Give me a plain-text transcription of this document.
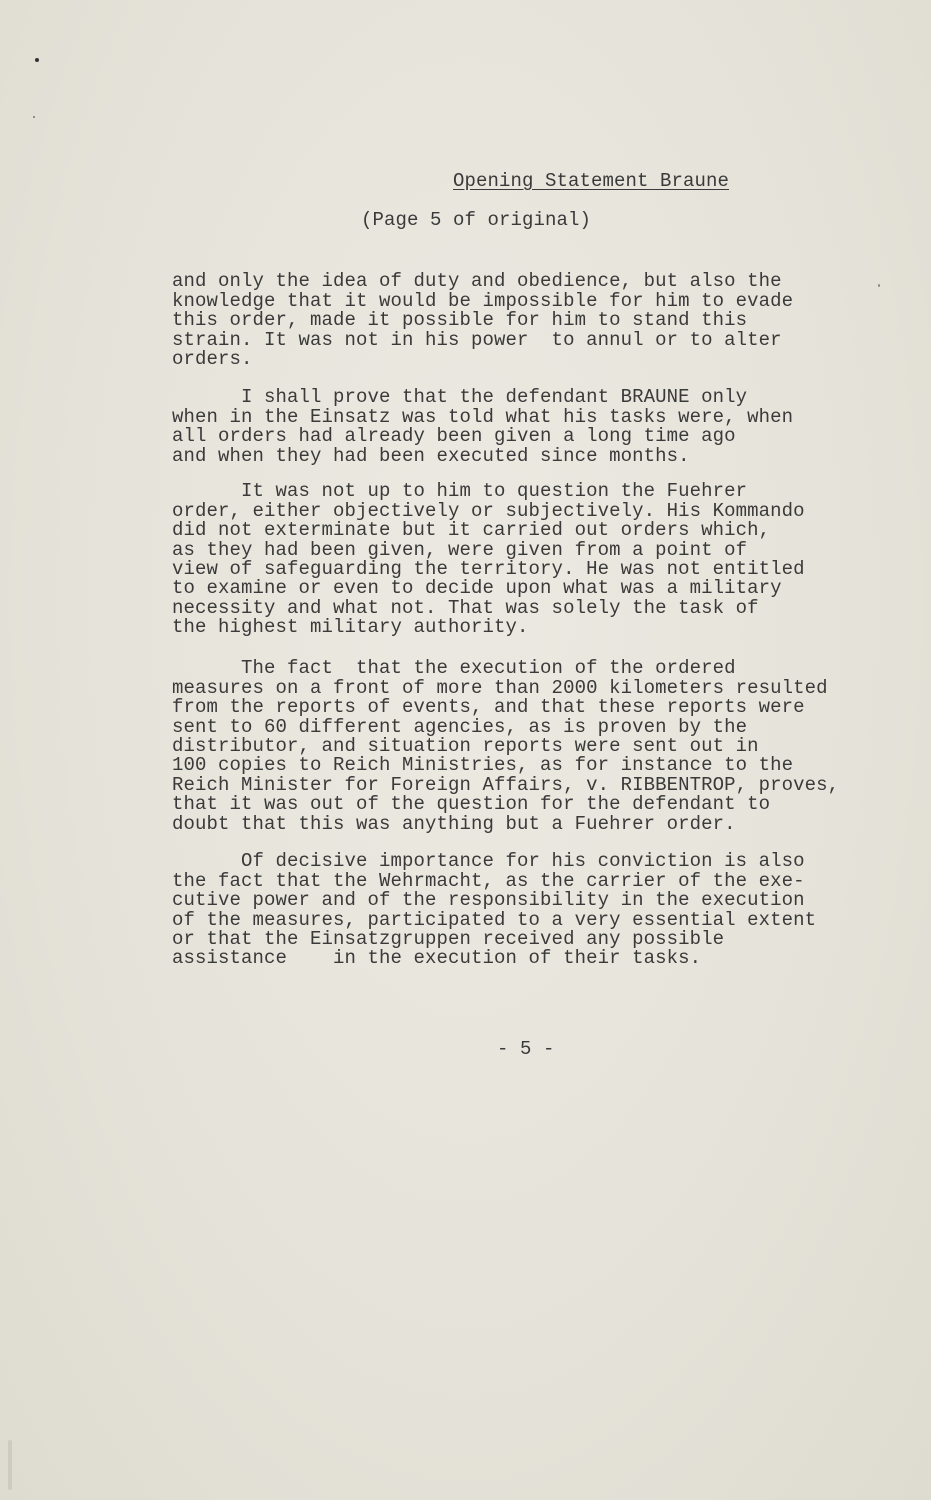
Opening Statement Braune
(Page 5 of original)

and only the idea of duty and obedience, but also the
knowledge that it would be impossible for him to evade
this order, made it possible for him to stand this
strain. It was not in his power  to annul or to alter
orders.

I shall prove that the defendant BRAUNE only
when in the Einsatz was told what his tasks were, when
all orders had already been given a long time ago
and when they had been executed since months.

It was not up to him to question the Fuehrer
order, either objectively or subjectively. His Kommando
did not exterminate but it carried out orders which,
as they had been given, were given from a point of
view of safeguarding the territory. He was not entitled
to examine or even to decide upon what was a military
necessity and what not. That was solely the task of
the highest military authority.

The fact  that the execution of the ordered
measures on a front of more than 2000 kilometers resulted
from the reports of events, and that these reports were
sent to 60 different agencies, as is proven by the
distributor, and situation reports were sent out in
100 copies to Reich Ministries, as for instance to the
Reich Minister for Foreign Affairs, v. RIBBENTROP, proves,
that it was out of the question for the defendant to
doubt that this was anything but a Fuehrer order.

Of decisive importance for his conviction is also
the fact that the Wehrmacht, as the carrier of the exe-
cutive power and of the responsibility in the execution
of the measures, participated to a very essential extent
or that the Einsatzgruppen received any possible
assistance    in the execution of their tasks.
- 5 -
